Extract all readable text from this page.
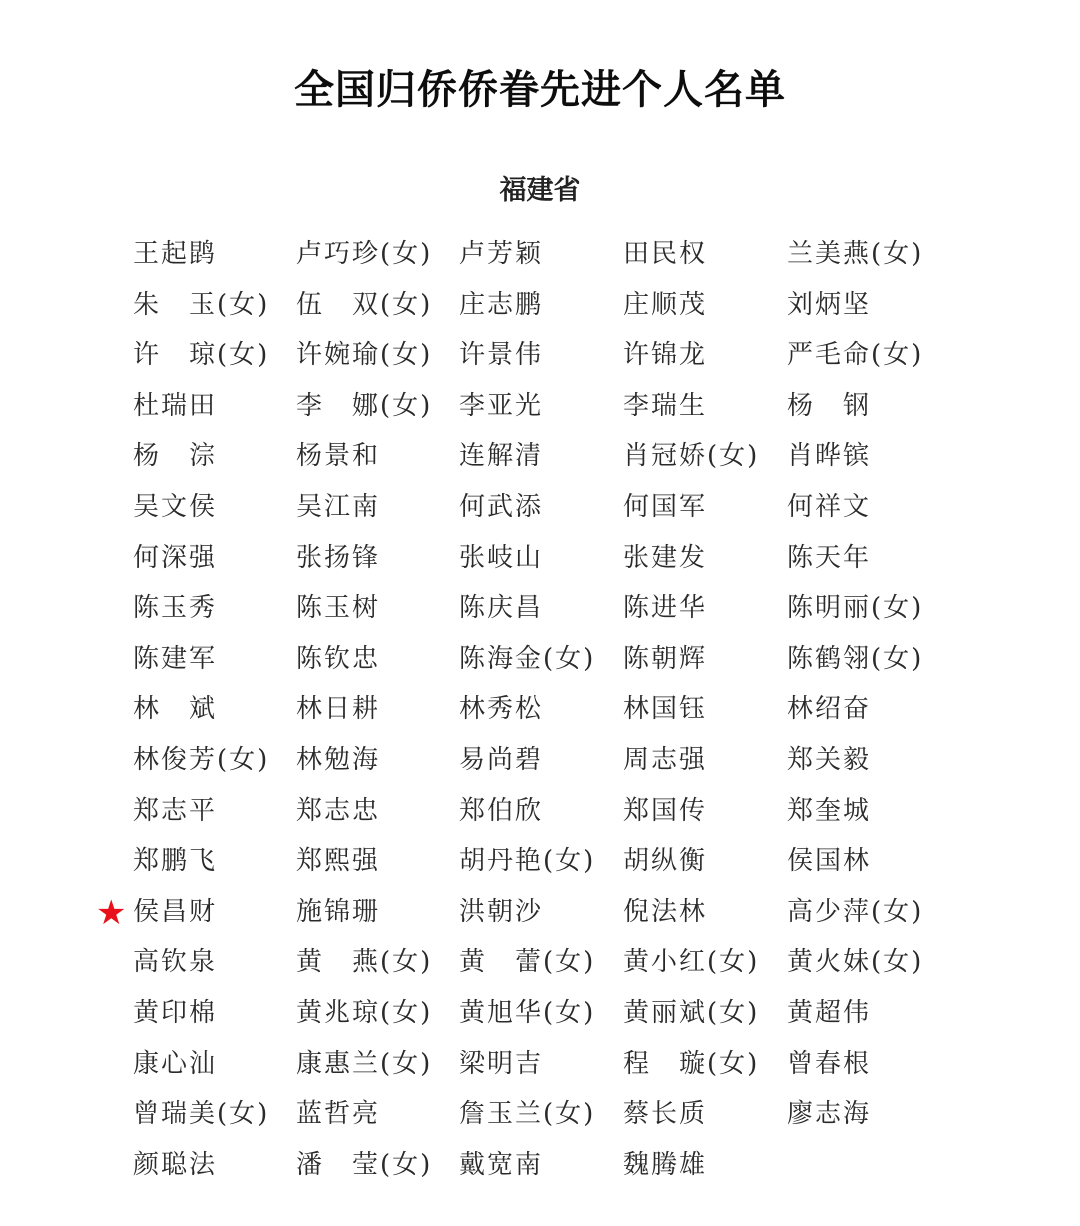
全国归侨侨眷先进个人名单
福建省
★
王起鹍	卢巧珍(女)	卢芳颖	田民权	兰美燕(女)
朱　玉(女)	伍　双(女)	庄志鹏	庄顺茂	刘炳坚
许　琼(女)	许婉瑜(女)	许景伟	许锦龙	严毛命(女)
杜瑞田	李　娜(女)	李亚光	李瑞生	杨　钢
杨　淙	杨景和	连解清	肖冠娇(女)	肖晔镔
吴文侯	吴江南	何武添	何国军	何祥文
何深强	张扬锋	张岐山	张建发	陈天年
陈玉秀	陈玉树	陈庆昌	陈进华	陈明丽(女)
陈建军	陈钦忠	陈海金(女)	陈朝辉	陈鹤翎(女)
林　斌	林日耕	林秀松	林国钰	林绍奋
林俊芳(女)	林勉海	易尚碧	周志强	郑关毅
郑志平	郑志忠	郑伯欣	郑国传	郑奎城
郑鹏飞	郑熙强	胡丹艳(女)	胡纵衡	侯国林
侯昌财	施锦珊	洪朝沙	倪法林	高少萍(女)
高钦泉	黄　燕(女)	黄　蕾(女)	黄小红(女)	黄火妹(女)
黄印棉	黄兆琼(女)	黄旭华(女)	黄丽斌(女)	黄超伟
康心汕	康惠兰(女)	梁明吉	程　璇(女)	曾春根
曾瑞美(女)	蓝哲亮	詹玉兰(女)	蔡长质	廖志海
颜聪法	潘　莹(女)	戴宽南	魏腾雄
